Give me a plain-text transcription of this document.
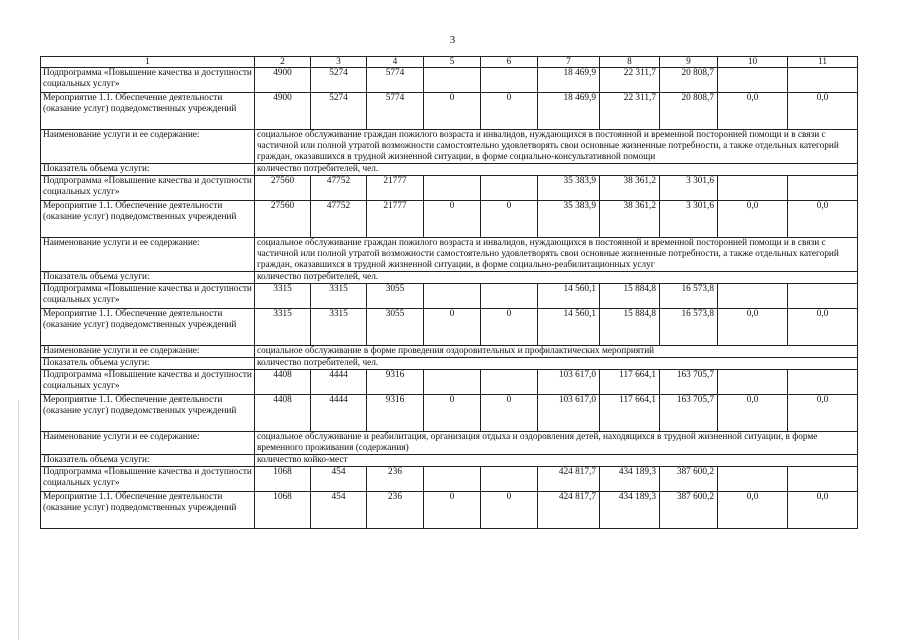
3
1	2	3	4	5	6	7	8	9	10	11
Подпрограмма «Повышение качества и доступности социальных услуг»	4900	5274	5774			18 469,9	22 311,7	20 808,7		
Мероприятие 1.1. Обеспечение деятельности (оказание услуг) подведомственных учреждений	4900	5274	5774	0	0	18 469,9	22 311,7	20 808,7	0,0	0,0
Наименование услуги и ее содержание:	социальное обслуживание граждан пожилого возраста и инвалидов, нуждающихся в постоянной и временной посторонней помощи и в связи с частичной или полной утратой возможности самостоятельно удовлетворять свои основные жизненные потребности, а также отдельных категорий граждан, оказавшихся в трудной жизненной ситуации, в форме социально-консультативной помощи									
Показатель объема услуги:	количество потребителей, чел.									
Подпрограмма «Повышение качества и доступности социальных услуг»	27560	47752	21777			35 383,9	38 361,2	3 301,6		
Мероприятие 1.1. Обеспечение деятельности (оказание услуг) подведомственных учреждений	27560	47752	21777	0	0	35 383,9	38 361,2	3 301,6	0,0	0,0
Наименование услуги и ее содержание:	социальное обслуживание граждан пожилого возраста и инвалидов, нуждающихся в постоянной и временной посторонней помощи и в связи с частичной или полной утратой возможности самостоятельно удовлетворять свои основные жизненные потребности, а также отдельных категорий граждан, оказавшихся в трудной жизненной ситуации, в форме социально-реабилитационных услуг									
Показатель объема услуги:	количество потребителей, чел.									
Подпрограмма «Повышение качества и доступности социальных услуг»	3315	3315	3055			14 560,1	15 884,8	16 573,8		
Мероприятие 1.1. Обеспечение деятельности (оказание услуг) подведомственных учреждений	3315	3315	3055	0	0	14 560,1	15 884,8	16 573,8	0,0	0,0
Наименование услуги и ее содержание:	социальное обслуживание в форме проведения оздоровительных и профилактических мероприятий									
Показатель объема услуги:	количество потребителей, чел.									
Подпрограмма «Повышение качества и доступности социальных услуг»	4408	4444	9316			103 617,0	117 664,1	163 705,7		
Мероприятие 1.1. Обеспечение деятельности (оказание услуг) подведомственных учреждений	4408	4444	9316	0	0	103 617,0	117 664,1	163 705,7	0,0	0,0
Наименование услуги и ее содержание:	социальное обслуживание и реабилитация, организация отдыха и оздоровления детей, находящихся в трудной жизненной ситуации, в форме временного проживания (содержания)									
Показатель объема услуги:	количество койко-мест									
Подпрограмма «Повышение качества и доступности социальных услуг»	1068	454	236			424 817,7	434 189,3	387 600,2		
Мероприятие 1.1. Обеспечение деятельности (оказание услуг) подведомственных учреждений	1068	454	236	0	0	424 817,7	434 189,3	387 600,2	0,0	0,0
